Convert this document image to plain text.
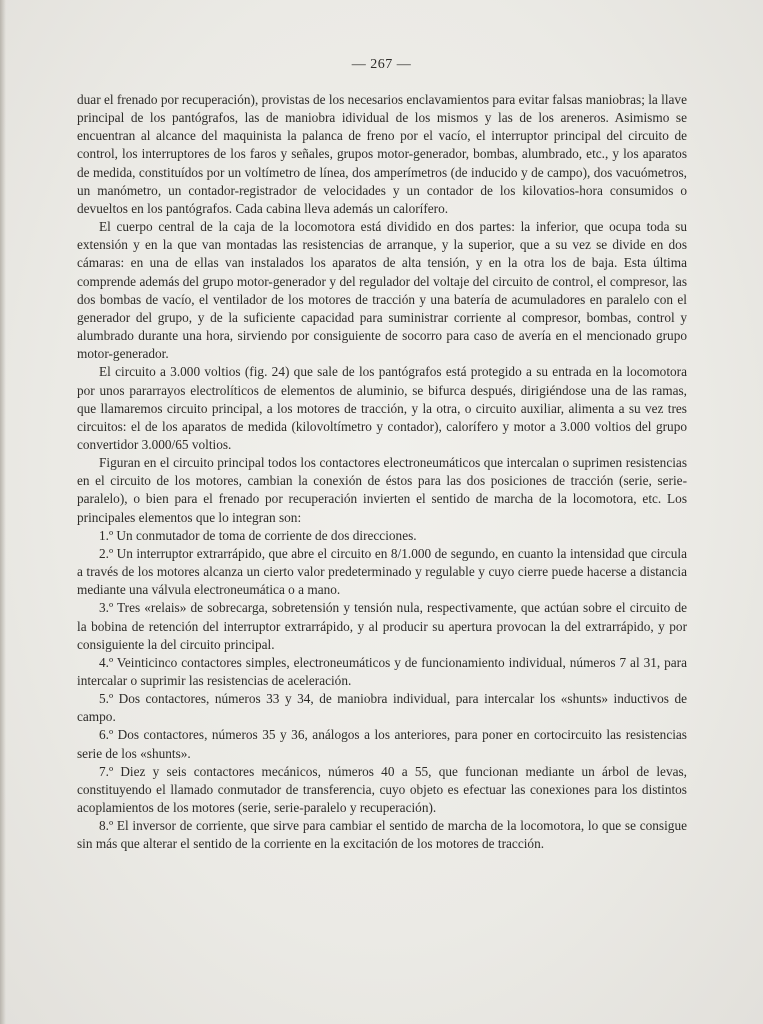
— 267 —

duar el frenado por recuperación), provistas de los necesarios enclavamientos para evitar falsas maniobras; la llave principal de los pantógrafos, las de maniobra idividual de los mismos y las de los areneros. Asimismo se encuentran al alcance del maquinista la palanca de freno por el vacío, el interruptor principal del circuito de control, los interruptores de los faros y señales, grupos motor-generador, bombas, alumbrado, etc., y los aparatos de medida, constituídos por un voltímetro de línea, dos amperímetros (de inducido y de campo), dos vacuómetros, un manómetro, un contador-registrador de velocidades y un contador de los kilovatios-hora consumidos o devueltos en los pantógrafos. Cada cabina lleva además un calorífero.

El cuerpo central de la caja de la locomotora está dividido en dos partes: la inferior, que ocupa toda su extensión y en la que van montadas las resistencias de arranque, y la superior, que a su vez se divide en dos cámaras: en una de ellas van instalados los aparatos de alta tensión, y en la otra los de baja. Esta última comprende además del grupo motor-generador y del regulador del voltaje del circuito de control, el compresor, las dos bombas de vacío, el ventilador de los motores de tracción y una batería de acumuladores en paralelo con el generador del grupo, y de la suficiente capacidad para suministrar corriente al compresor, bombas, control y alumbrado durante una hora, sirviendo por consiguiente de socorro para caso de avería en el mencionado grupo motor-generador.

El circuito a 3.000 voltios (fig. 24) que sale de los pantógrafos está protegido a su entrada en la locomotora por unos pararrayos electrolíticos de elementos de aluminio, se bifurca después, dirigiéndose una de las ramas, que llamaremos circuito principal, a los motores de tracción, y la otra, o circuito auxiliar, alimenta a su vez tres circuitos: el de los aparatos de medida (kilovoltímetro y contador), calorífero y motor a 3.000 voltios del grupo convertidor 3.000/65 voltios.

Figuran en el circuito principal todos los contactores electroneumáticos que intercalan o suprimen resistencias en el circuito de los motores, cambian la conexión de éstos para las dos posiciones de tracción (serie, serie-paralelo), o bien para el frenado por recuperación invierten el sentido de marcha de la locomotora, etc. Los principales elementos que lo integran son:

1.º Un conmutador de toma de corriente de dos direcciones.

2.º Un interruptor extrarrápido, que abre el circuito en 8/1.000 de segundo, en cuanto la intensidad que circula a través de los motores alcanza un cierto valor predeterminado y regulable y cuyo cierre puede hacerse a distancia mediante una válvula electroneumática o a mano.

3.º Tres «relais» de sobrecarga, sobretensión y tensión nula, respectivamente, que actúan sobre el circuito de la bobina de retención del interruptor extrarrápido, y al producir su apertura provocan la del extrarrápido, y por consiguiente la del circuito principal.

4.º Veinticinco contactores simples, electroneumáticos y de funcionamiento individual, números 7 al 31, para intercalar o suprimir las resistencias de aceleración.

5.º Dos contactores, números 33 y 34, de maniobra individual, para intercalar los «shunts» inductivos de campo.

6.º Dos contactores, números 35 y 36, análogos a los anteriores, para poner en cortocircuito las resistencias serie de los «shunts».

7.º Diez y seis contactores mecánicos, números 40 a 55, que funcionan mediante un árbol de levas, constituyendo el llamado conmutador de transferencia, cuyo objeto es efectuar las conexiones para los distintos acoplamientos de los motores (serie, serie-paralelo y recuperación).

8.º El inversor de corriente, que sirve para cambiar el sentido de marcha de la locomotora, lo que se consigue sin más que alterar el sentido de la corriente en la excitación de los motores de tracción.
